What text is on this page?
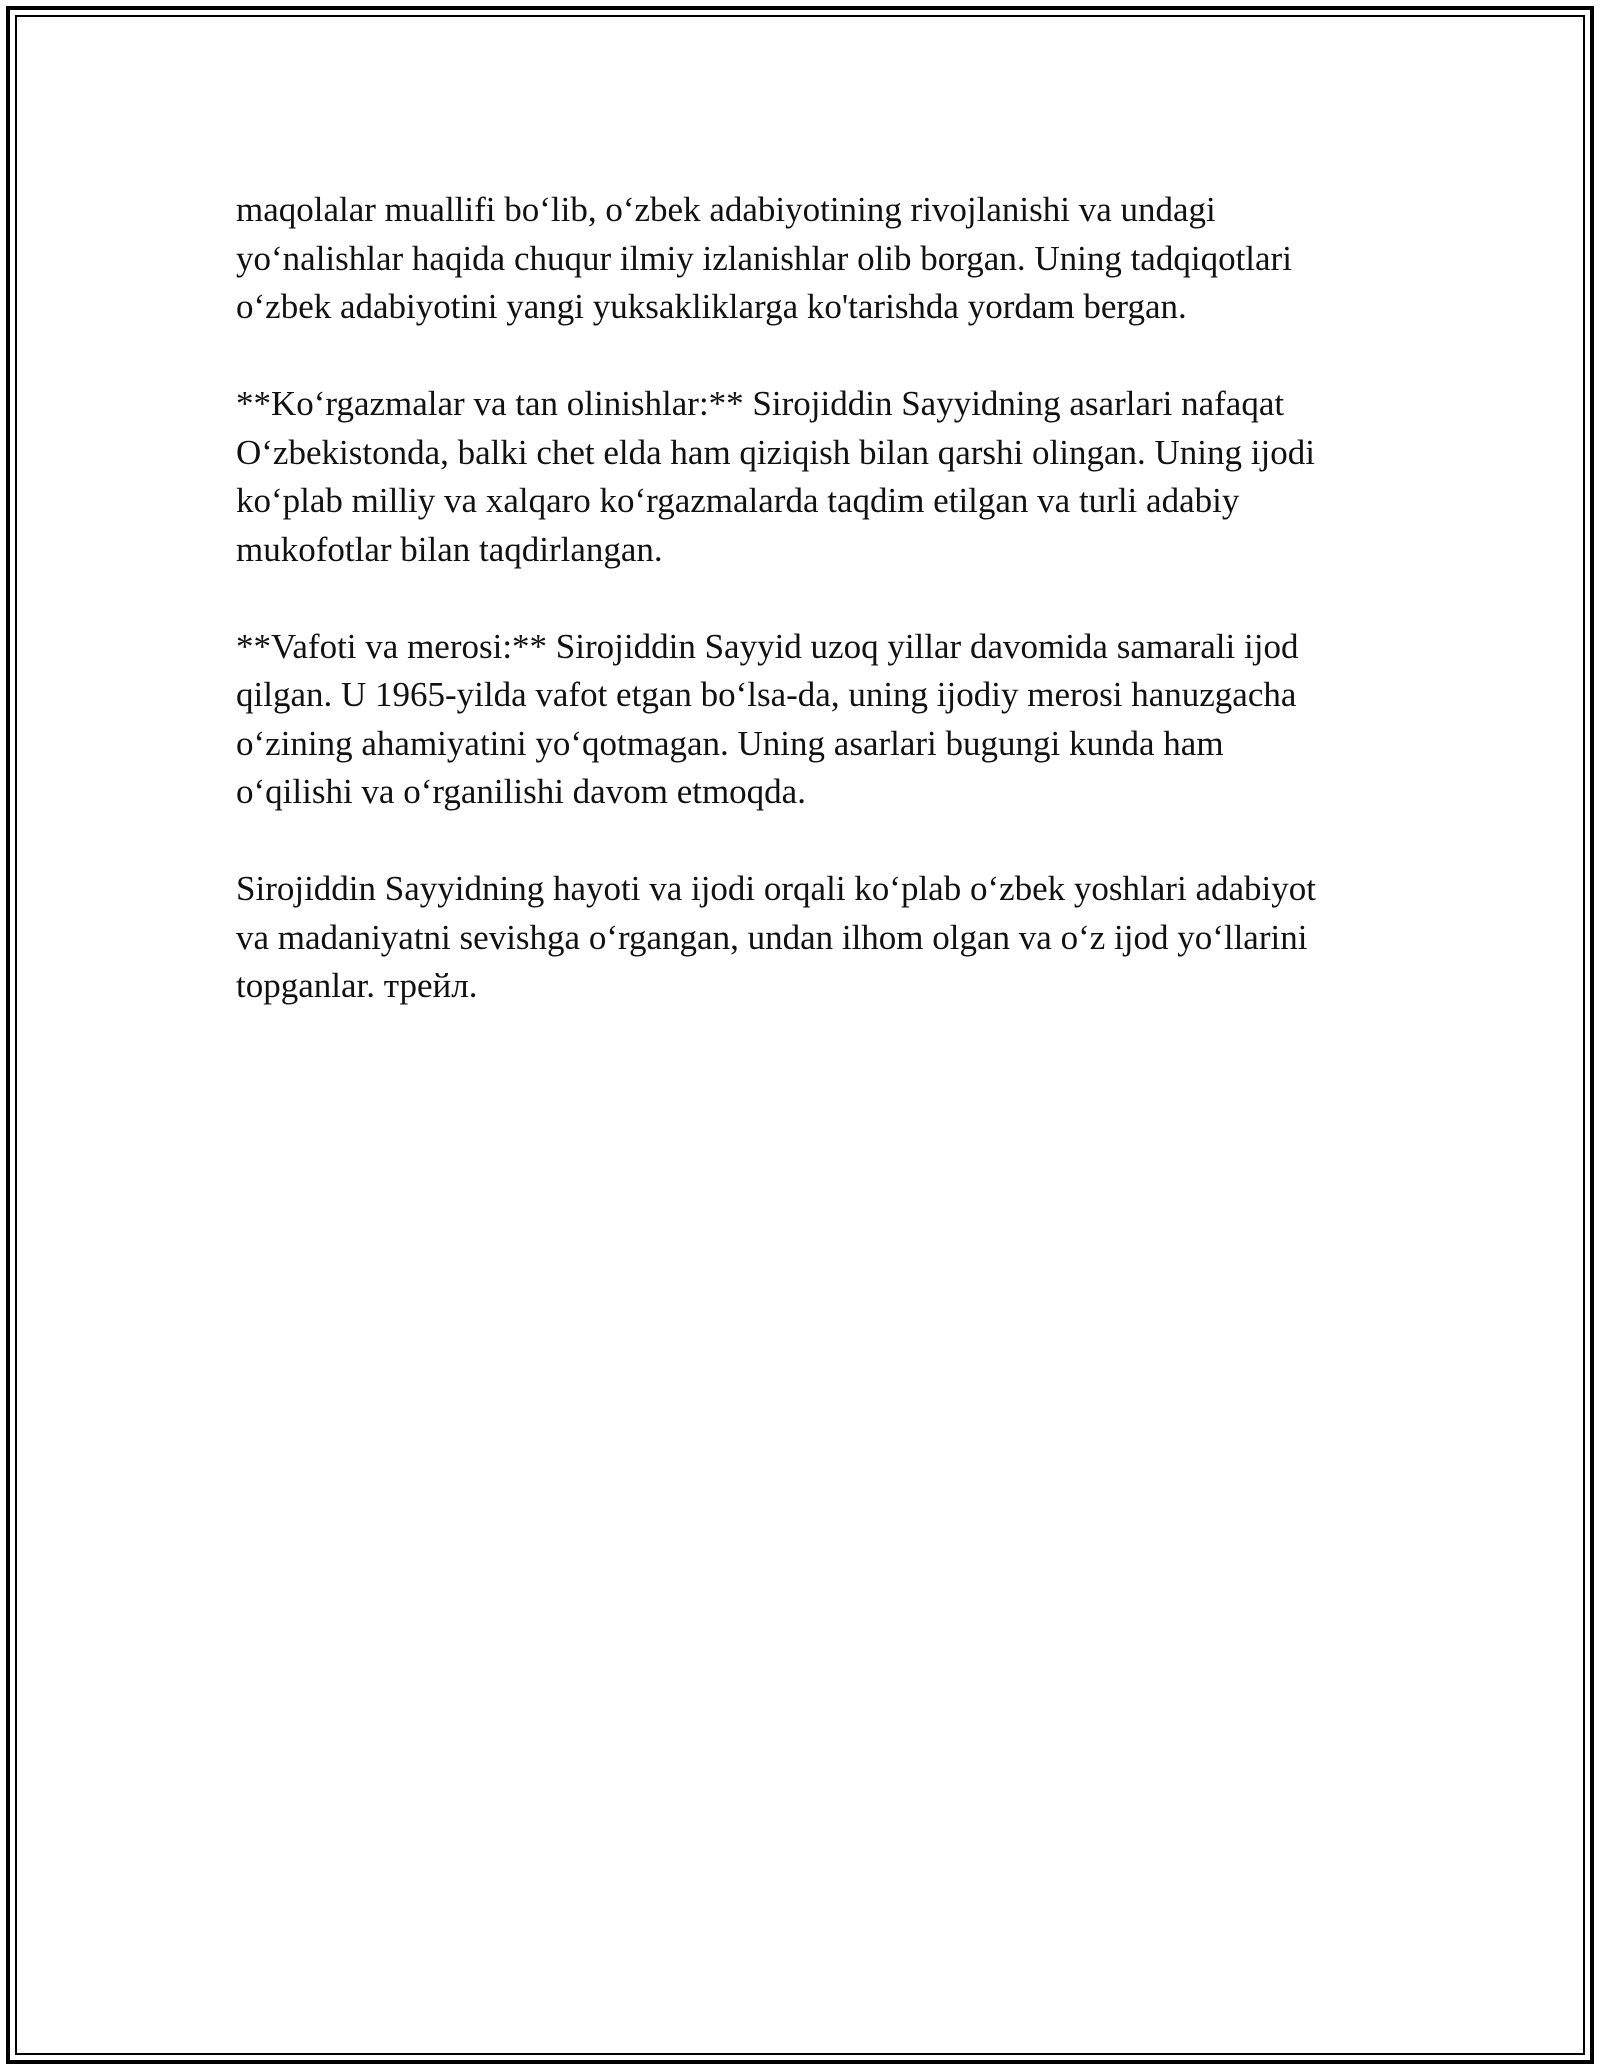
maqolalar muallifi bo‘lib, o‘zbek adabiyotining rivojlanishi va undagi
yo‘nalishlar haqida chuqur ilmiy izlanishlar olib borgan. Uning tadqiqotlari
o‘zbek adabiyotini yangi yuksakliklarga ko'tarishda yordam bergan.

**Ko‘rgazmalar va tan olinishlar:** Sirojiddin Sayyidning asarlari nafaqat
O‘zbekistonda, balki chet elda ham qiziqish bilan qarshi olingan. Uning ijodi
ko‘plab milliy va xalqaro ko‘rgazmalarda taqdim etilgan va turli adabiy
mukofotlar bilan taqdirlangan.

**Vafoti va merosi:** Sirojiddin Sayyid uzoq yillar davomida samarali ijod
qilgan. U 1965-yilda vafot etgan bo‘lsa-da, uning ijodiy merosi hanuzgacha
o‘zining ahamiyatini yo‘qotmagan. Uning asarlari bugungi kunda ham
o‘qilishi va o‘rganilishi davom etmoqda.

Sirojiddin Sayyidning hayoti va ijodi orqali ko‘plab o‘zbek yoshlari adabiyot
va madaniyatni sevishga o‘rgangan, undan ilhom olgan va o‘z ijod yo‘llarini
topganlar. трейл.
